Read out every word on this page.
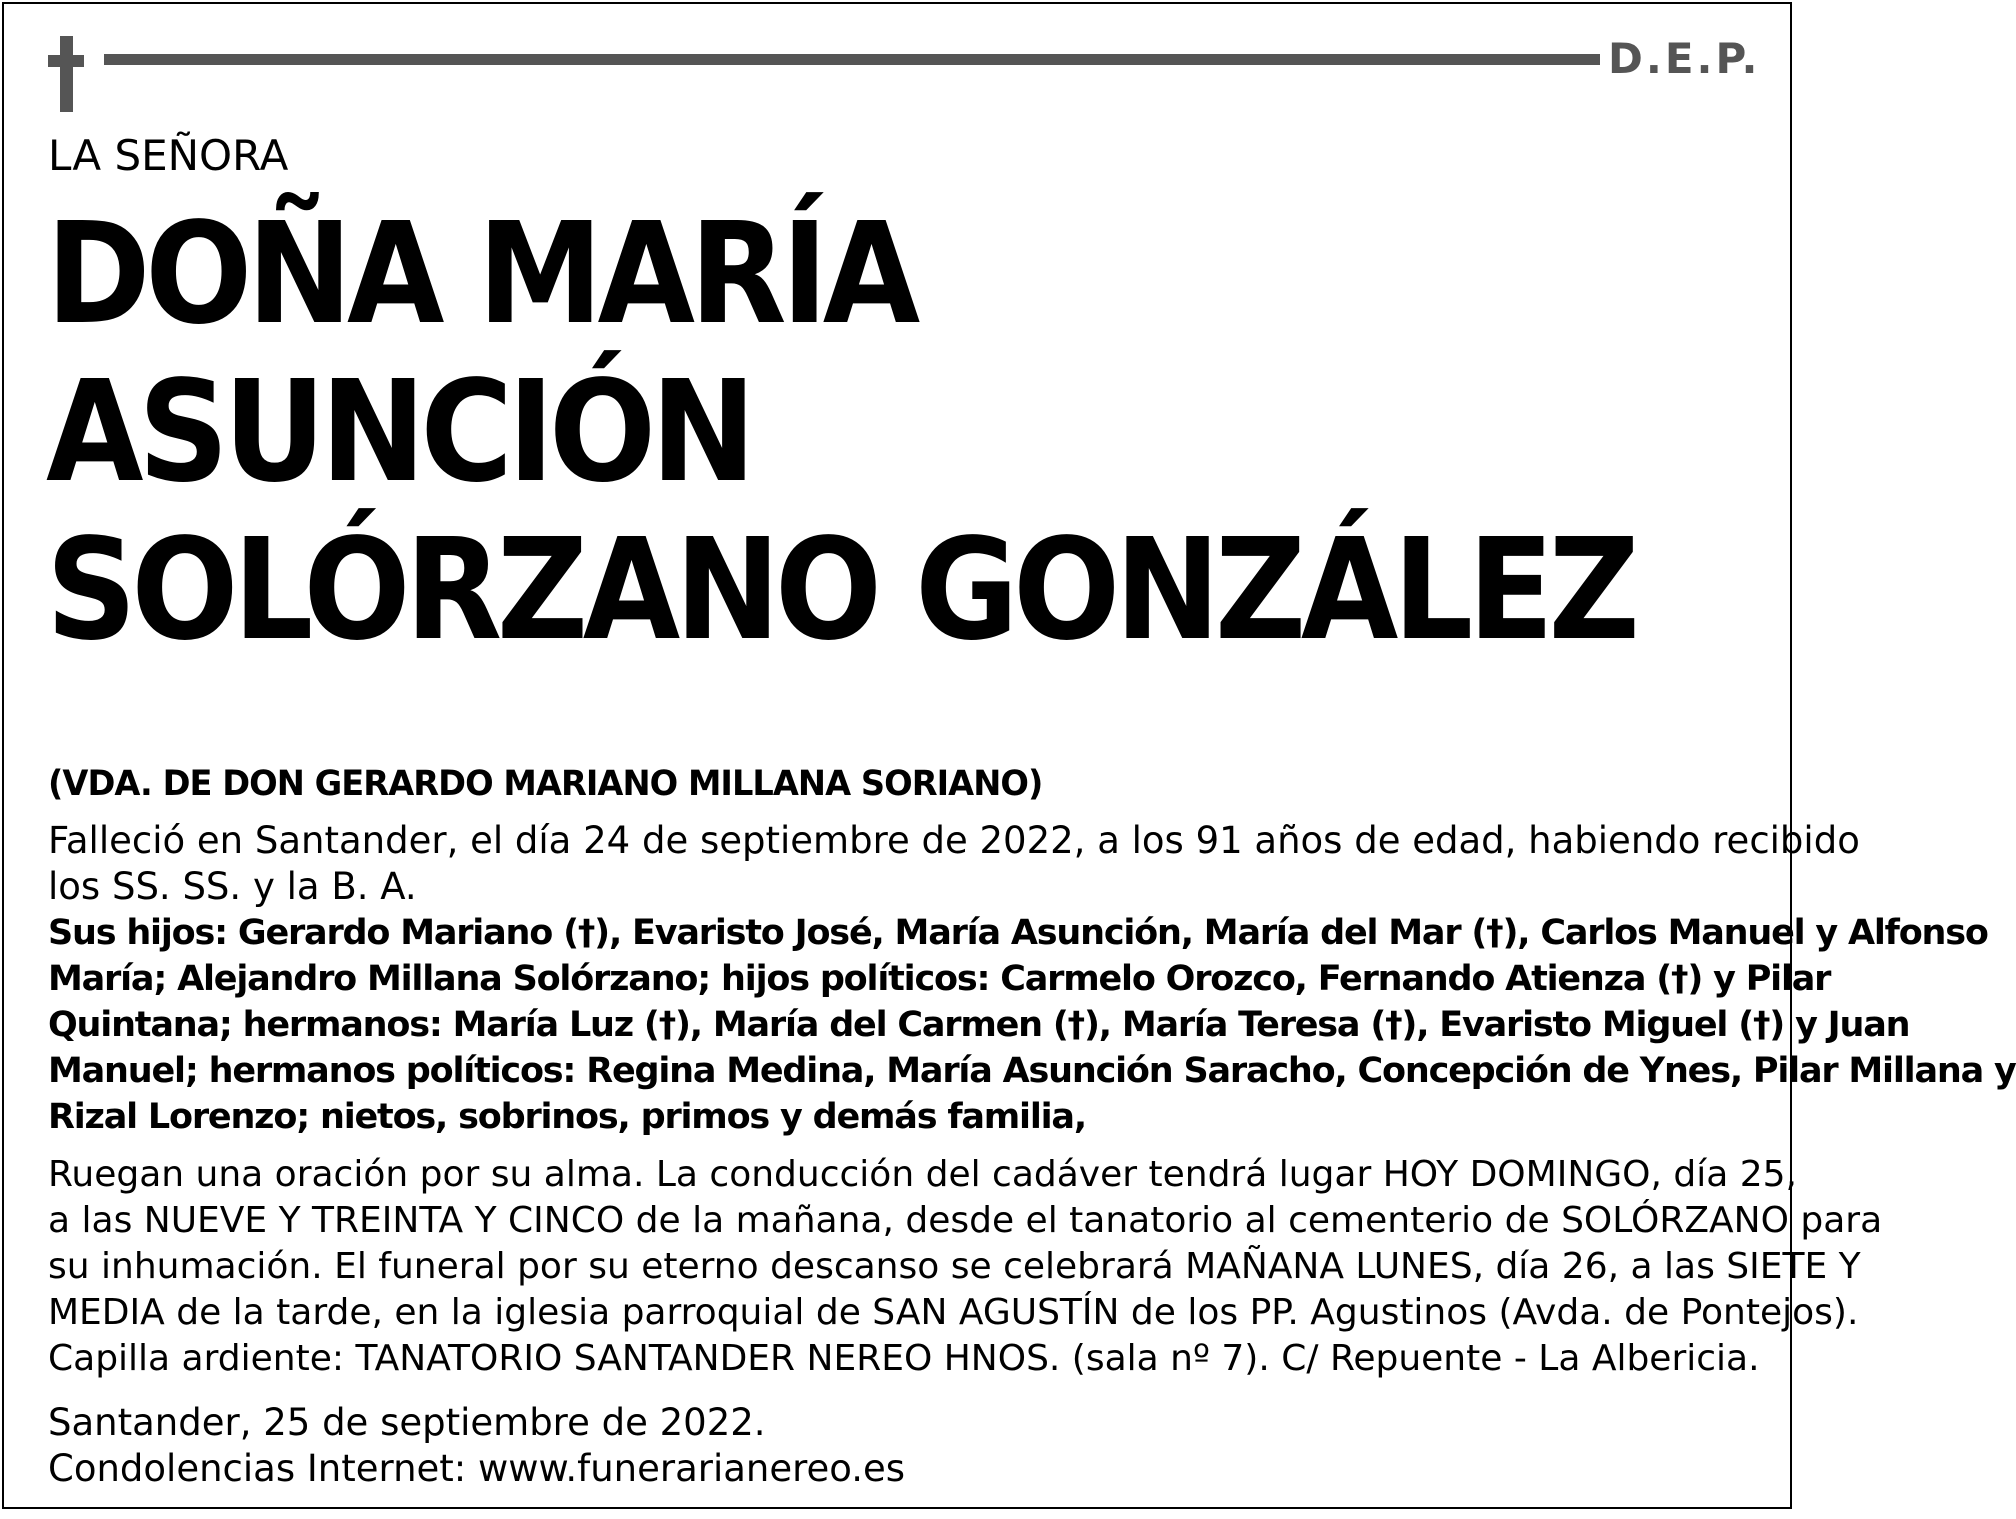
D.E.P.
LA SEÑORA
DOÑA MARÍA
ASUNCIÓN
SOLÓRZANO GONZÁLEZ
(VDA. DE DON GERARDO MARIANO MILLANA SORIANO)
Falleció en Santander, el día 24 de septiembre de 2022, a los 91 años de edad, habiendo recibido
los SS. SS. y la B. A.
Sus hijos: Gerardo Mariano (†), Evaristo José, María Asunción, María del Mar (†), Carlos Manuel y Alfonso
María; Alejandro Millana Solórzano; hijos políticos: Carmelo Orozco, Fernando Atienza (†) y Pilar
Quintana; hermanos: María Luz (†), María del Carmen (†), María Teresa (†), Evaristo Miguel (†) y Juan
Manuel; hermanos políticos: Regina Medina, María Asunción Saracho, Concepción de Ynes, Pilar Millana y
Rizal Lorenzo; nietos, sobrinos, primos y demás familia,
Ruegan una oración por su alma. La conducción del cadáver tendrá lugar HOY DOMINGO, día 25,
a las NUEVE Y TREINTA Y CINCO de la mañana, desde el tanatorio al cementerio de SOLÓRZANO para
su inhumación. El funeral por su eterno descanso se celebrará MAÑANA LUNES, día 26, a las SIETE Y
MEDIA de la tarde, en la iglesia parroquial de SAN AGUSTÍN de los PP. Agustinos (Avda. de Pontejos).
Capilla ardiente: TANATORIO SANTANDER NEREO HNOS. (sala nº 7). C/ Repuente - La Albericia.
Santander, 25 de septiembre de 2022.
Condolencias Internet: www.funerarianereo.es
